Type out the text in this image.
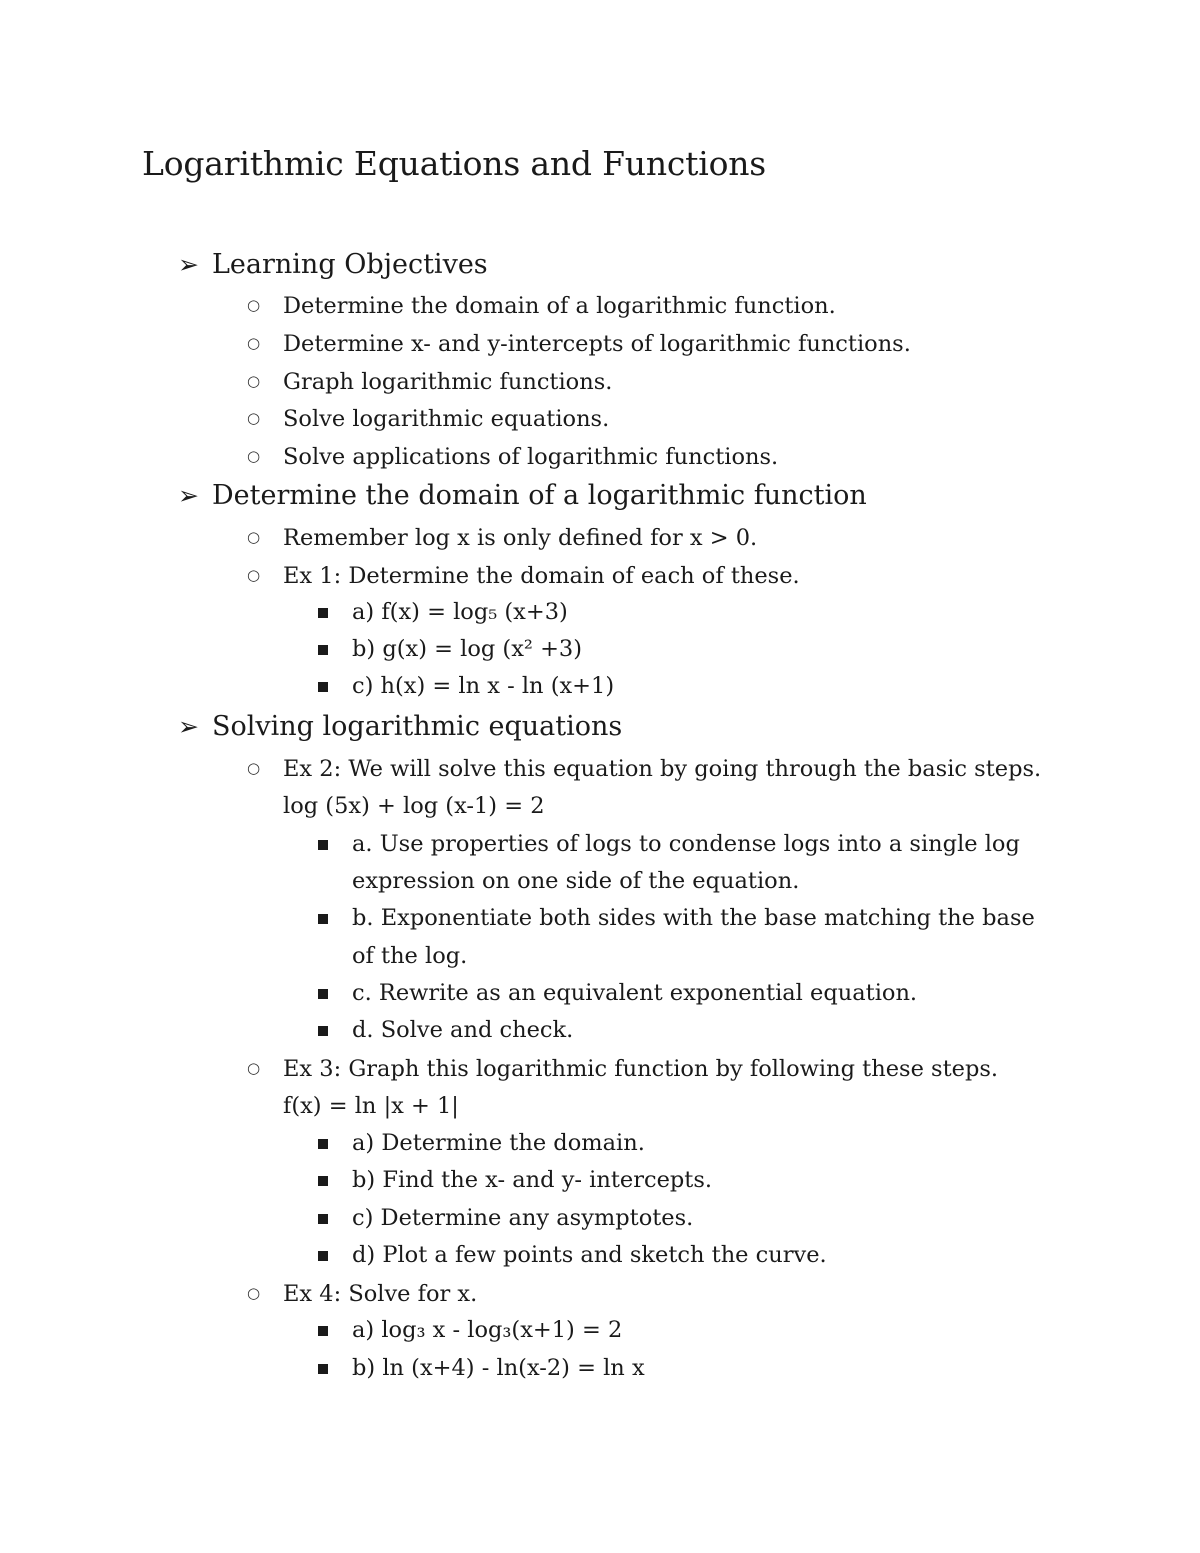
Logarithmic Equations and Functions
➢ Learning Objectives
○ Determine the domain of a logarithmic function.
○ Determine x- and y-intercepts of logarithmic functions.
○ Graph logarithmic functions.
○ Solve logarithmic equations.
○ Solve applications of logarithmic functions.
➢ Determine the domain of a logarithmic function
○ Remember log x is only defined for x > 0.
○ Ex 1: Determine the domain of each of these.
a) f(x) = log₅ (x+3)
b) g(x) = log (x² +3)
c) h(x) = ln x - ln (x+1)
➢ Solving logarithmic equations
○ Ex 2: We will solve this equation by going through the basic steps.
log (5x) + log (x-1) = 2
a. Use properties of logs to condense logs into a single log
expression on one side of the equation.
b. Exponentiate both sides with the base matching the base
of the log.
c. Rewrite as an equivalent exponential equation.
d. Solve and check.
○ Ex 3: Graph this logarithmic function by following these steps.
f(x) = ln |x + 1|
a) Determine the domain.
b) Find the x- and y- intercepts.
c) Determine any asymptotes.
d) Plot a few points and sketch the curve.
○ Ex 4: Solve for x.
a) log₃ x - log₃(x+1) = 2
b) ln (x+4) - ln(x-2) = ln x
